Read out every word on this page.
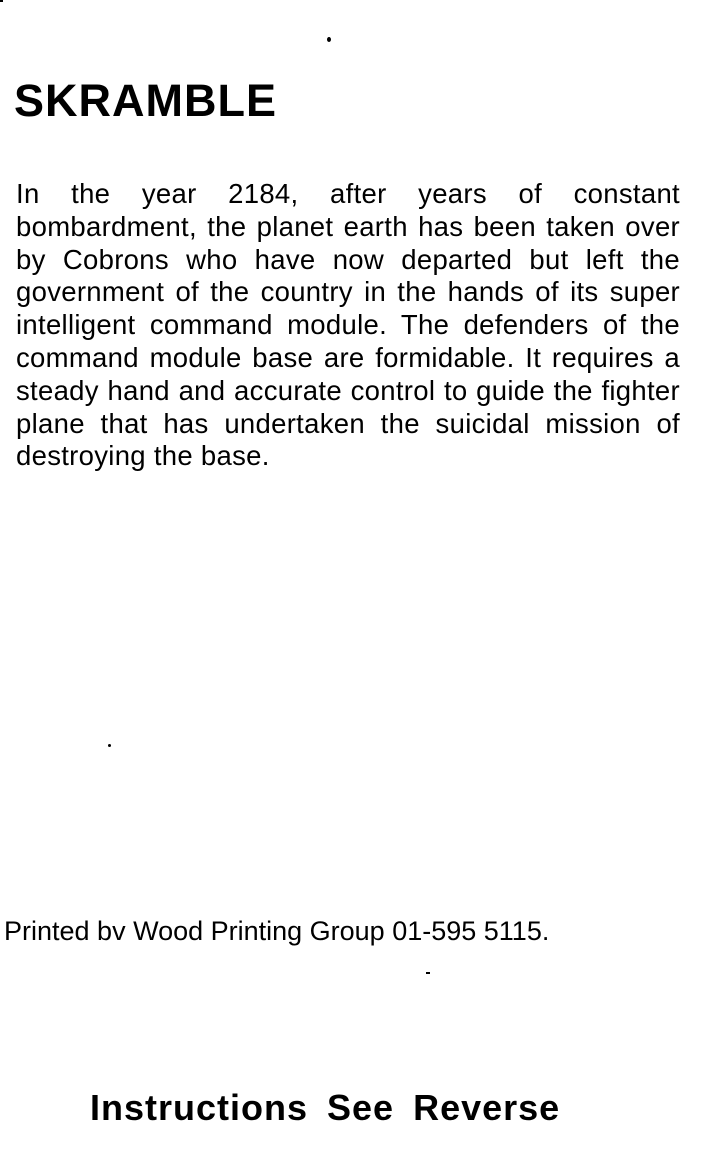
SKRAMBLE

In the year 2184, after years of constant bombardment, the planet earth has been taken over by Cobrons who have now departed but left the government of the country in the hands of its super intelligent command module. The defenders of the command module base are formidable. It requires a steady hand and accurate control to guide the fighter plane that has undertaken the suicidal mission of destroying the base.

Printed bv Wood Printing Group 01-595 5115.

Instructions See Reverse
